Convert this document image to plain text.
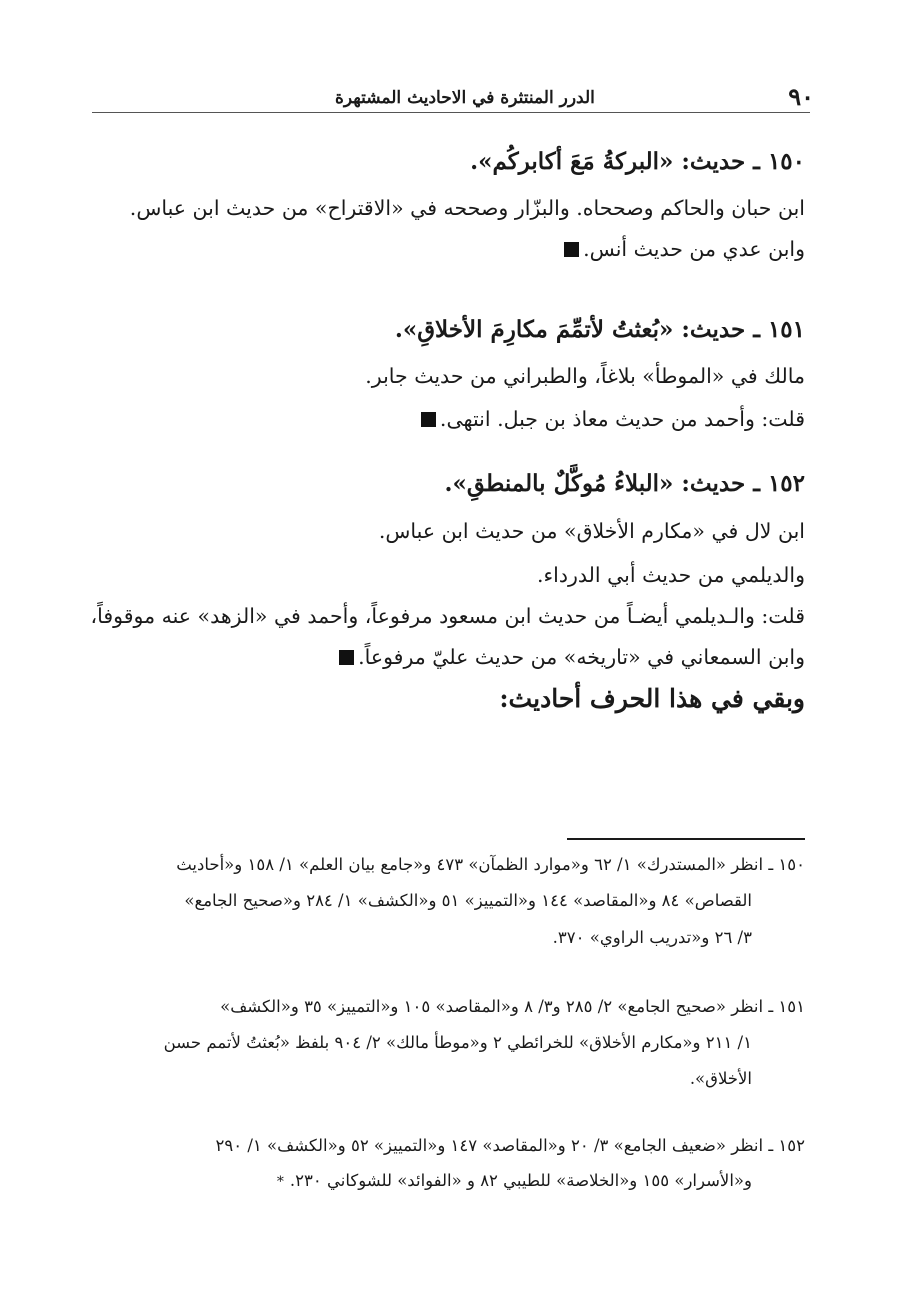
٩٠
الدرر المنتثرة في الاحاديث المشتهرة
١٥٠ ـ حديث: «البركةُ مَعَ أكابركُم».
ابن حبان والحاكم وصححاه. والبزّار وصححه في «الاقتراح» من حديث ابن عباس.
وابن عدي من حديث أنس.
١٥١ ـ حديث: «بُعثتُ لأتمِّمَ مكارِمَ الأخلاقِ».
مالك في «الموطأ» بلاغاً، والطبراني من حديث جابر.
قلت: وأحمد من حديث معاذ بن جبل. انتهى.
١٥٢ ـ حديث: «البلاءُ مُوكَّلٌ بالمنطقِ».
ابن لال في «مكارم الأخلاق» من حديث ابن عباس.
والديلمي من حديث أبي الدرداء.
قلت: والـديلمي أيضـاً من حديث ابن مسعود مرفوعاً، وأحمد في «الزهد» عنه موقوفاً،
وابن السمعاني في «تاريخه» من حديث عليّ مرفوعاً.
وبقي في هذا الحرف أحاديث:
١٥٠ ـ انظر «المستدرك» ١/ ٦٢ و«موارد الظمآن» ٤٧٣ و«جامع بيان العلم» ١/ ١٥٨ و«أحاديث
القصاص» ٨٤ و«المقاصد» ١٤٤ و«التمييز» ٥١ و«الكشف» ١/ ٢٨٤ و«صحيح الجامع»
٣/ ٢٦ و«تدريب الراوي» ٣٧٠.
١٥١ ـ انظر «صحيح الجامع» ٢/ ٢٨٥ و٣/ ٨ و«المقاصد» ١٠٥ و«التمييز» ٣٥ و«الكشف»
١/ ٢١١ و«مكارم الأخلاق» للخرائطي ٢ و«موطأ مالك» ٢/ ٩٠٤ بلفظ «بُعثتُ لأتمم حسن
الأخلاق».
١٥٢ ـ انظر «ضعيف الجامع» ٣/ ٢٠ و«المقاصد» ١٤٧ و«التمييز» ٥٢ و«الكشف» ١/ ٢٩٠
و«الأسرار» ١٥٥ و«الخلاصة» للطيبي ٨٢ و «الفوائد» للشوكاني ٢٣٠.*
